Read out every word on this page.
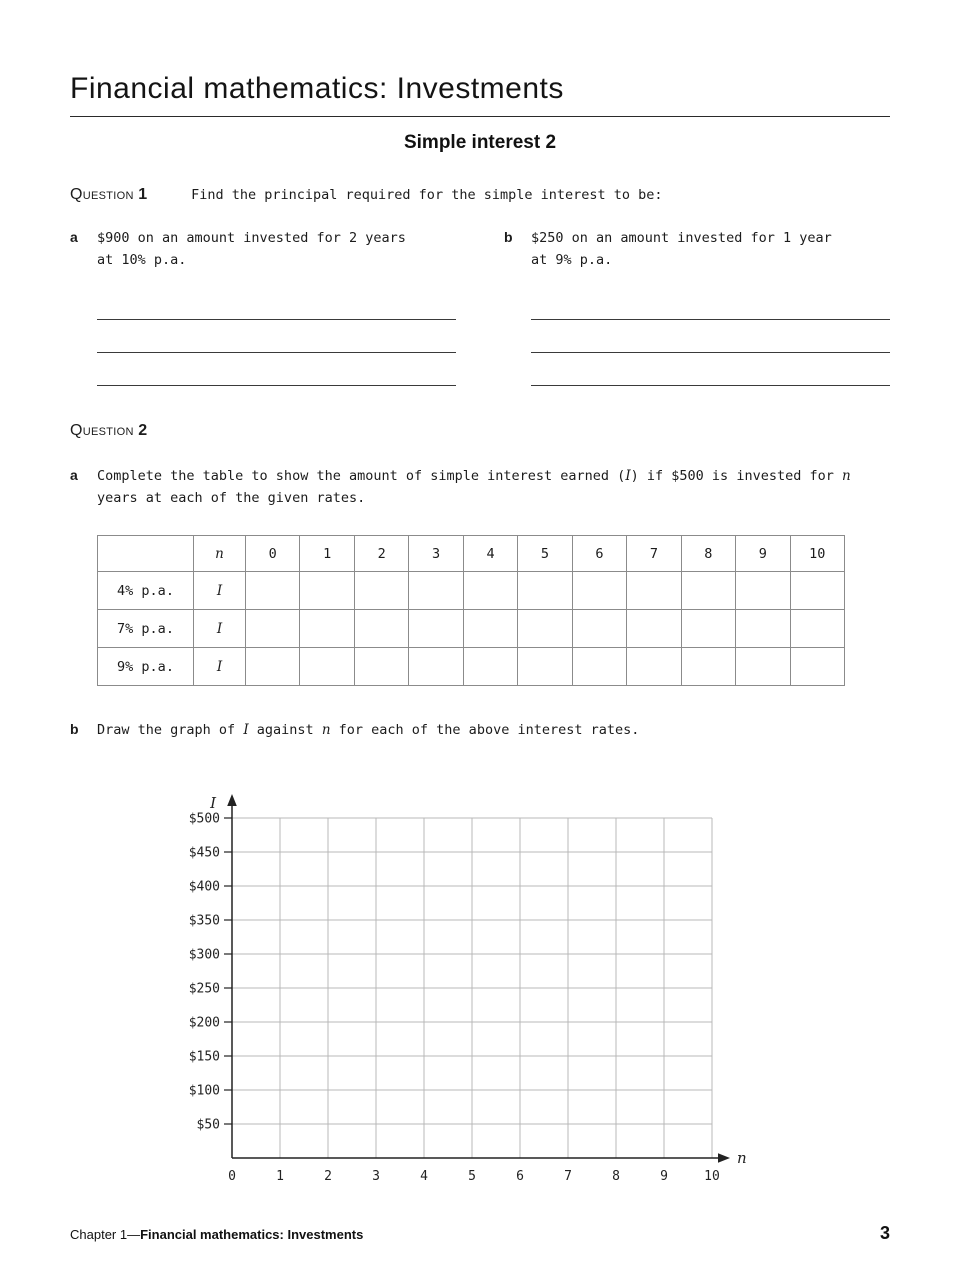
Financial mathematics: Investments
Simple interest 2
Question 1	Find the principal required for the simple interest to be:
a	$900 on an amount invested for 2 years
at 10% p.a.
b	$250 on an amount invested for 1 year
at 9% p.a.
Question 2
a	Complete the table to show the amount of simple interest earned (I) if $500 is invested for n years at each of the given rates.
	n	0	1	2	3	4	5	6	7	8	9	10
4% p.a.	I											
7% p.a.	I											
9% p.a.	I											
b	Draw the graph of I against n for each of the above interest rates.
$500
$450
$400
$350
$300
$250
$200
$150
$100
$50
0	1	2	3	4	5	6	7	8	9	10
I
n
Chapter 1—Financial mathematics: Investments	3
